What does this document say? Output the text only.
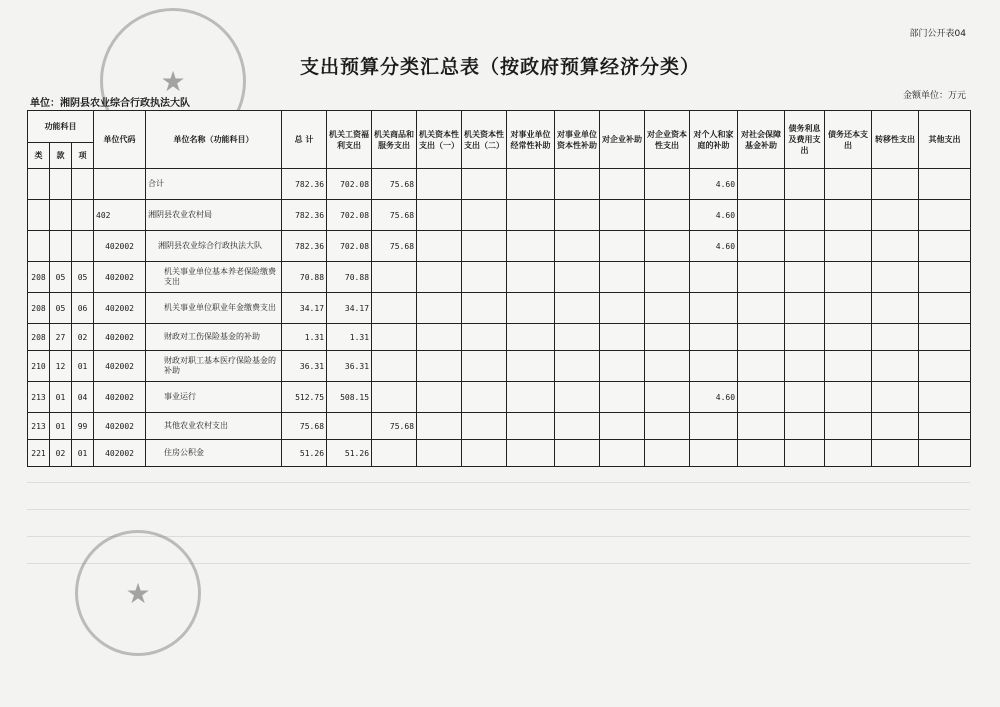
★
★
部门公开表04
支出预算分类汇总表（按政府预算经济分类）
单位：湘阴县农业综合行政执法大队
金额单位：万元
功能科目			单位代码	单位名称（功能科目）	总 计	机关工资福利支出	机关商品和服务支出	机关资本性支出（一）	机关资本性支出（二）	对事业单位经常性补助	对事业单位资本性补助	对企业补助	对企业资本性支出	对个人和家庭的补助	对社会保障基金补助	债务利息及费用支出	债务还本支出	转移性支出	其他支出
类	款	项																	
				合计	782.36	702.08	75.68							4.60					
			402	湘阴县农业农村局	782.36	702.08	75.68							4.60					
			402002	湘阴县农业综合行政执法大队	782.36	702.08	75.68							4.60					
208	05	05	402002	机关事业单位基本养老保险缴费支出	70.88	70.88													
208	05	06	402002	机关事业单位职业年金缴费支出	34.17	34.17													
208	27	02	402002	财政对工伤保险基金的补助	1.31	1.31													
210	12	01	402002	财政对职工基本医疗保险基金的补助	36.31	36.31													
213	01	04	402002	事业运行	512.75	508.15								4.60					
213	01	99	402002	其他农业农村支出	75.68		75.68												
221	02	01	402002	住房公积金	51.26	51.26													
